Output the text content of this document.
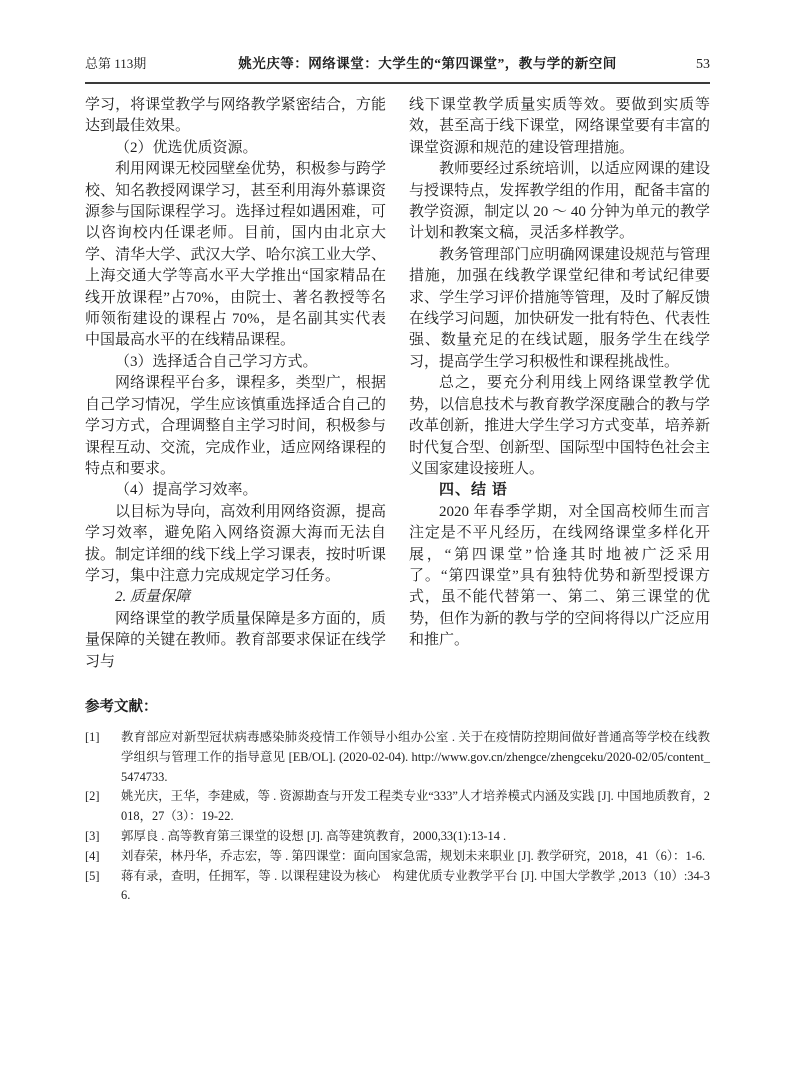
总第 113期	姚光庆等：网络课堂：大学生的“第四课堂”，教与学的新空间	53

学习，将课堂教学与网络教学紧密结合，方能达到最佳效果。

（2）优选优质资源。

利用网课无校园壁垒优势，积极参与跨学校、知名教授网课学习，甚至利用海外慕课资源参与国际课程学习。选择过程如遇困难，可以咨询校内任课老师。目前，国内由北京大学、清华大学、武汉大学、哈尔滨工业大学、上海交通大学等高水平大学推出“国家精品在线开放课程”占70%，由院士、著名教授等名师领衔建设的课程占 70%，是名副其实代表中国最高水平的在线精品课程。

（3）选择适合自己学习方式。

网络课程平台多，课程多，类型广，根据自己学习情况，学生应该慎重选择适合自己的学习方式，合理调整自主学习时间，积极参与课程互动、交流，完成作业，适应网络课程的特点和要求。

（4）提高学习效率。

以目标为导向，高效利用网络资源，提高学习效率，避免陷入网络资源大海而无法自拔。制定详细的线下线上学习课表，按时听课学习，集中注意力完成规定学习任务。

2. 质量保障

网络课堂的教学质量保障是多方面的，质量保障的关键在教师。教育部要求保证在线学习与

线下课堂教学质量实质等效。要做到实质等效，甚至高于线下课堂，网络课堂要有丰富的课堂资源和规范的建设管理措施。

教师要经过系统培训，以适应网课的建设与授课特点，发挥教学组的作用，配备丰富的教学资源，制定以 20 ～ 40 分钟为单元的教学计划和教案文稿，灵活多样教学。

教务管理部门应明确网课建设规范与管理措施，加强在线教学课堂纪律和考试纪律要求、学生学习评价措施等管理，及时了解反馈在线学习问题，加快研发一批有特色、代表性强、数量充足的在线试题，服务学生在线学习，提高学生学习积极性和课程挑战性。

总之，要充分利用线上网络课堂教学优势，以信息技术与教育教学深度融合的教与学改革创新，推进大学生学习方式变革，培养新时代复合型、创新型、国际型中国特色社会主义国家建设接班人。

四、结 语

2020 年春季学期，对全国高校师生而言注定是不平凡经历，在线网络课堂多样化开展，“第四课堂”恰逢其时地被广泛采用了。“第四课堂”具有独特优势和新型授课方式，虽不能代替第一、第二、第三课堂的优势，但作为新的教与学的空间将得以广泛应用和推广。

参考文献：

[1]	教育部应对新型冠状病毒感染肺炎疫情工作领导小组办公室 . 关于在疫情防控期间做好普通高等学校在线教学组织与管理工作的指导意见 [EB/OL]. (2020-02-04). http://www.gov.cn/zhengce/zhengceku/2020-02/05/content_5474733.
[2]	姚光庆，王华，李建威，等 . 资源勘查与开发工程类专业“333”人才培养模式内涵及实践 [J]. 中国地质教育，2018，27（3）：19-22.
[3]	郭厚良 . 高等教育第三课堂的设想 [J]. 高等建筑教育，2000,33(1):13-14 .
[4]	刘春荣，林丹华，乔志宏，等 . 第四课堂：面向国家急需，规划未来职业 [J]. 教学研究，2018，41（6）：1-6.
[5]	蒋有录，查明，任拥军，等 . 以课程建设为核心　构建优质专业教学平台 [J]. 中国大学教学 ,2013（10）:34-36.
